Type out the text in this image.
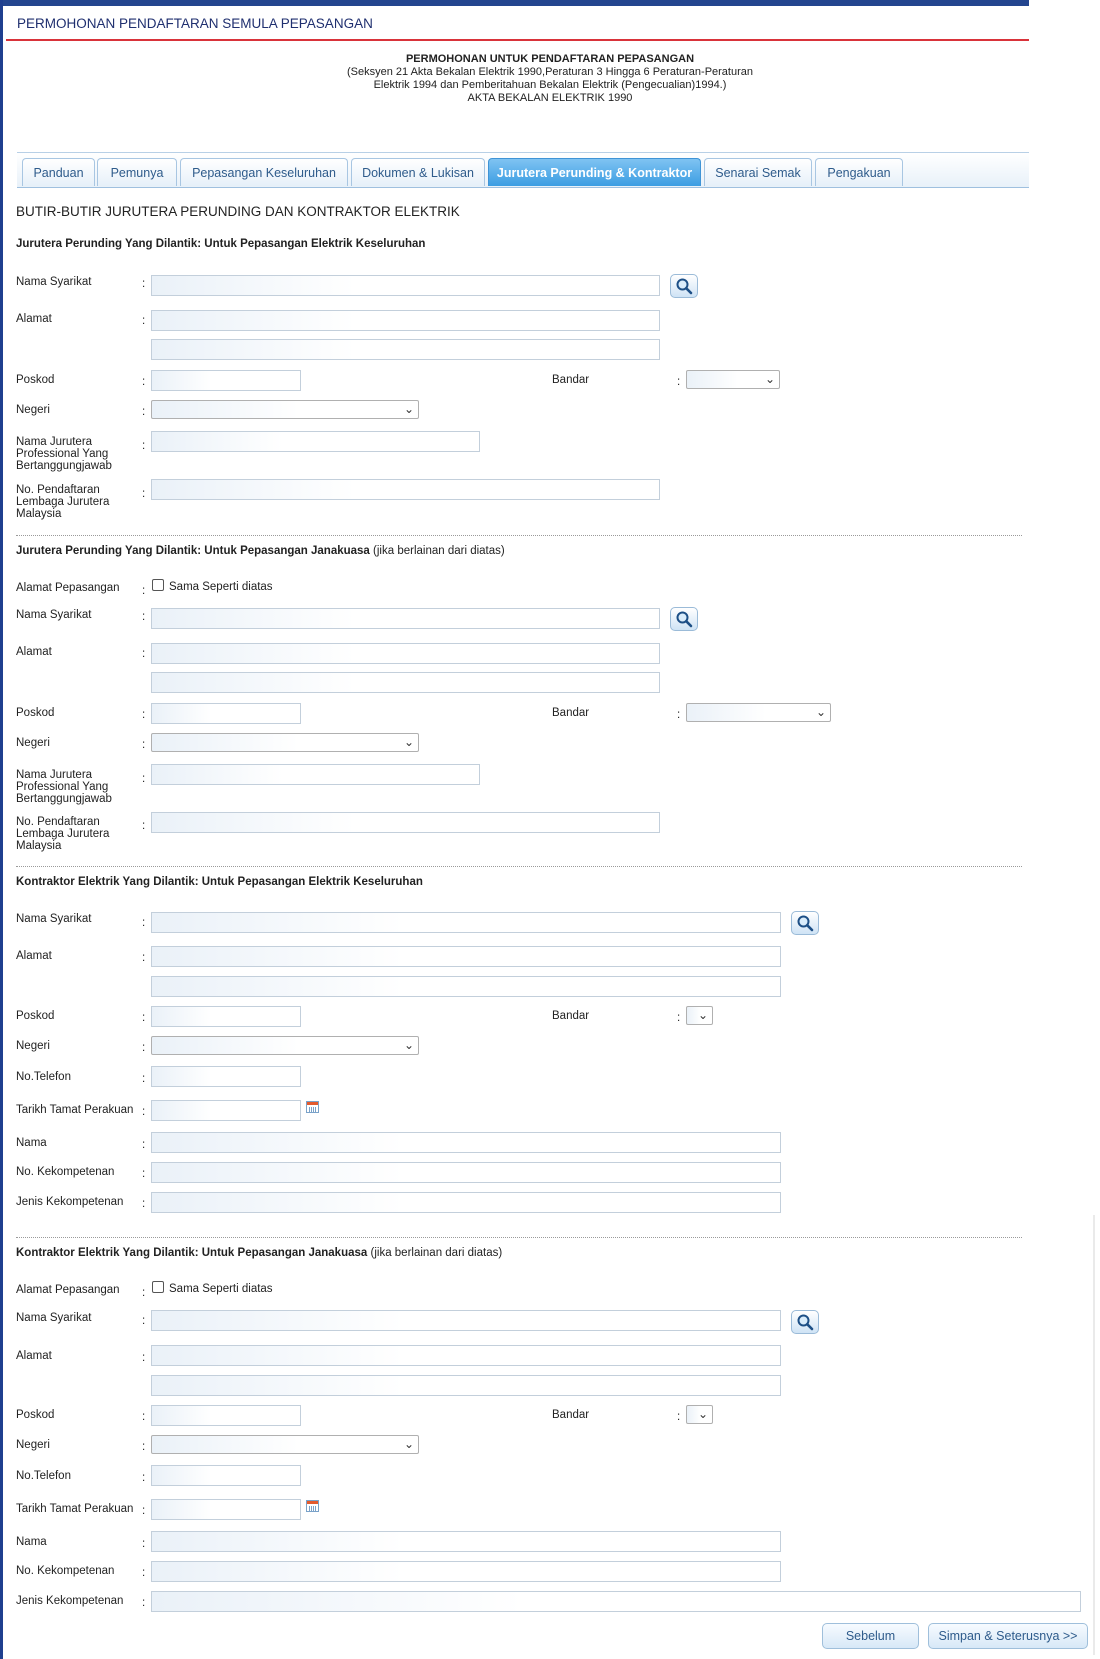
PERMOHONAN PENDAFTARAN SEMULA PEPASANGAN
PERMOHONAN UNTUK PENDAFTARAN PEPASANGAN
(Seksyen 21 Akta Bekalan Elektrik 1990,Peraturan 3 Hingga 6 Peraturan-Peraturan
Elektrik 1994 dan Pemberitahuan Bekalan Elektrik (Pengecualian)1994.)
AKTA BEKALAN ELEKTRIK 1990
Panduan	Pemunya	Pepasangan Keseluruhan	Dokumen & Lukisan	Jurutera Perunding & Kontraktor	Senarai Semak	Pengakuan
BUTIR-BUTIR JURUTERA PERUNDING DAN KONTRAKTOR ELEKTRIK
Jurutera Perunding Yang Dilantik: Untuk Pepasangan Elektrik Keseluruhan
Nama Syarikat	:
Alamat	:
Poskod	:	Bandar	:	⌄
Negeri	:	⌄
Nama Jurutera
Professional Yang
Bertanggungjawab
:
No. Pendaftaran
Lembaga Jurutera
Malaysia
:
Jurutera Perunding Yang Dilantik: Untuk Pepasangan Janakuasa (jika berlainan dari diatas)
Alamat Pepasangan : Sama Seperti diatas
Nama Syarikat	:
Alamat	:
Poskod	:	Bandar	:	⌄
Negeri	:	⌄
Nama Jurutera
Professional Yang
Bertanggungjawab
:
No. Pendaftaran
Lembaga Jurutera
Malaysia
:
Kontraktor Elektrik Yang Dilantik: Untuk Pepasangan Elektrik Keseluruhan
Nama Syarikat	:
Alamat	:
Poskod	:	Bandar	: ⌄
Negeri	:	⌄
No.Telefon	:
Tarikh Tamat Perakuan :
Nama	:
No. Kekompetenan :
Jenis Kekompetenan :
Kontraktor Elektrik Yang Dilantik: Untuk Pepasangan Janakuasa (jika berlainan dari diatas)
Alamat Pepasangan : Sama Seperti diatas
Nama Syarikat	:
Alamat	:
Poskod	:	Bandar	: ⌄
Negeri	:	⌄
No.Telefon	:
Tarikh Tamat Perakuan :
Nama	:
No. Kekompetenan :
Jenis Kekompetenan :
Sebelum	Simpan & Seterusnya >>
